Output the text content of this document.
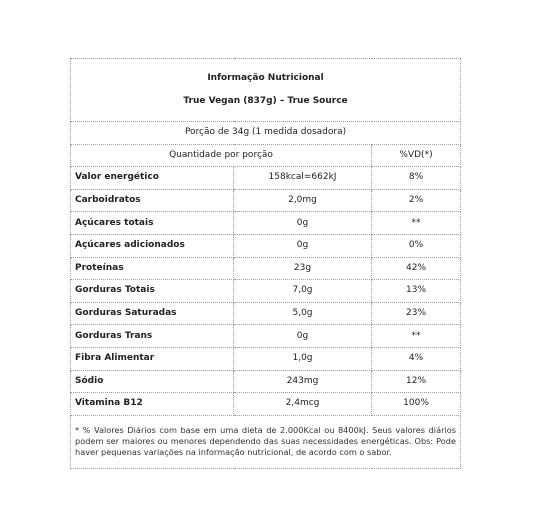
Informação Nutricional
True Vegan (837g) – True Source		

Porção de 34g (1 medida dosadora)		
Quantidade por porção		%VD(*)
Valor energético	158kcal=662kJ	8%
Carboidratos	2,0mg	2%
Açúcares totais	0g	**
Açúcares adicionados	0g	0%
Proteínas	23g	42%
Gorduras Totais	7,0g	13%
Gorduras Saturadas	5,0g	23%
Gorduras Trans	0g	**
Fibra Alimentar	1,0g	4%
Sódio	243mg	12%
Vitamina B12	2,4mcg	100%
* % Valores Diários com base em uma dieta de 2.000Kcal ou 8400kJ. Seus valores diários podem ser maiores ou menores dependendo das suas necessidades energéticas. Obs: Pode haver pequenas variações na informação nutricional, de acordo com o sabor.		
